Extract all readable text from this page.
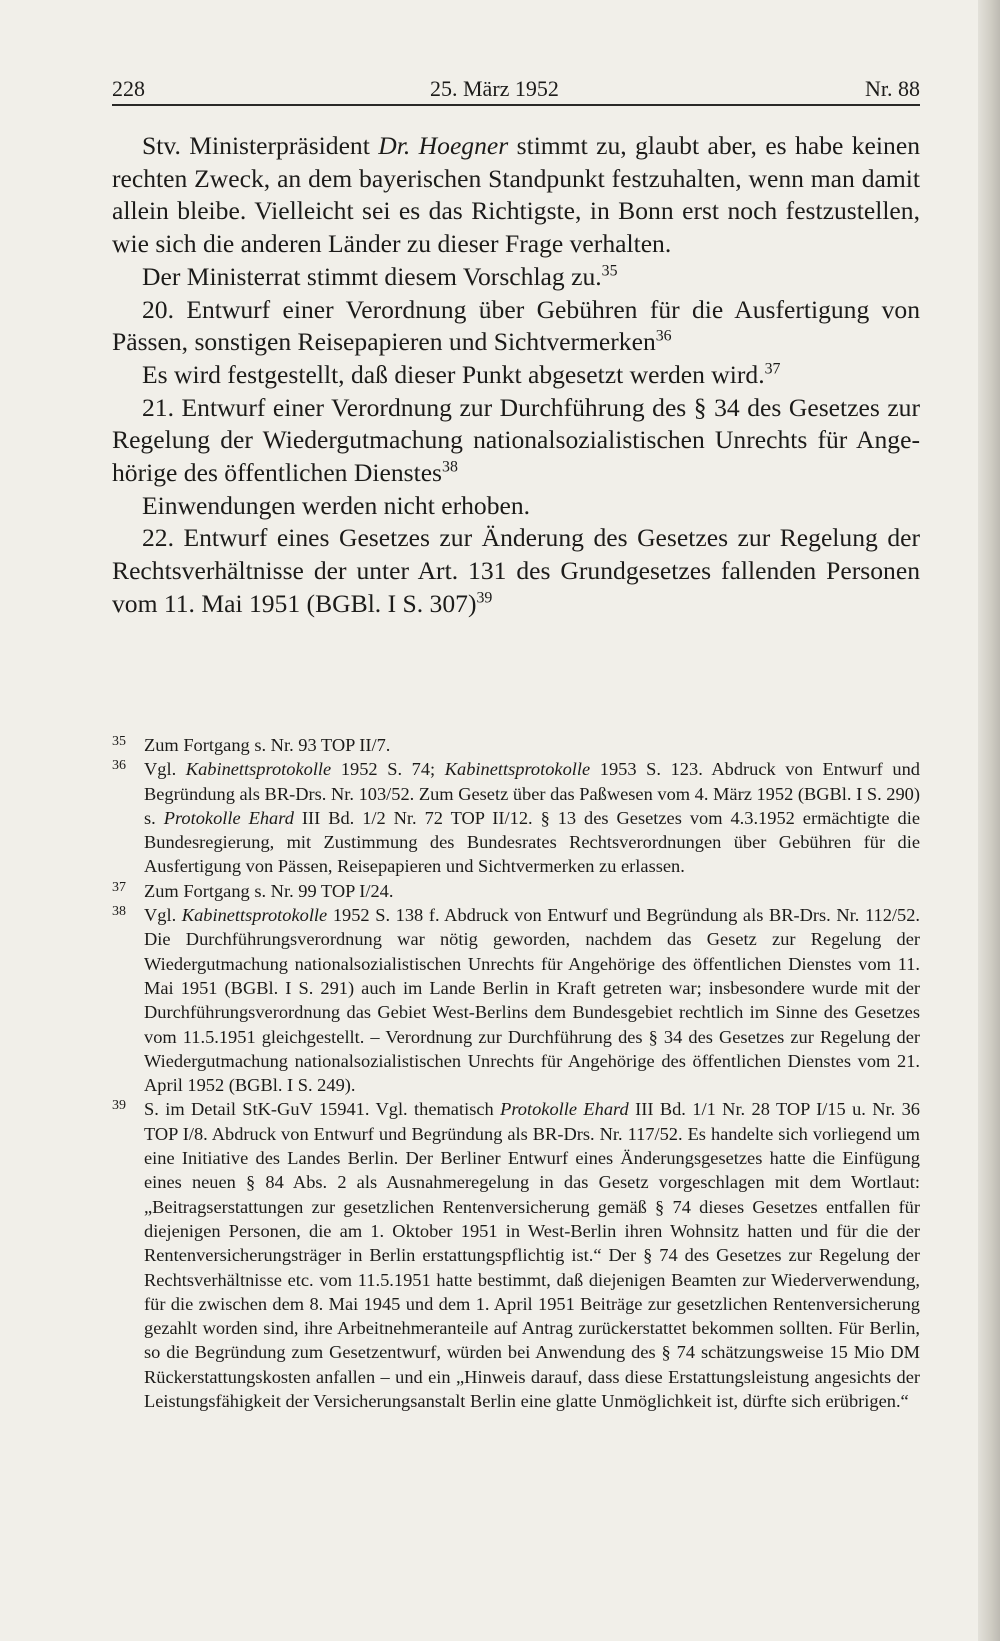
228	25. März 1952	Nr. 88

Stv. Ministerpräsident Dr. Hoegner stimmt zu, glaubt aber, es habe keinen rechten Zweck, an dem bayerischen Standpunkt festzuhalten, wenn man damit allein bleibe. Vielleicht sei es das Richtigste, in Bonn erst noch festzustellen, wie sich die anderen Länder zu dieser Frage verhalten.

Der Ministerrat stimmt diesem Vorschlag zu.$^{35}$

20. Entwurf einer Verordnung über Gebühren für die Ausfertigung von Pässen, sonstigen Reisepapieren und Sichtvermerken$^{36}$

Es wird festgestellt, daß dieser Punkt abgesetzt werden wird.$^{37}$

21. Entwurf einer Verordnung zur Durchführung des § 34 des Gesetzes zur Regelung der Wiedergutmachung nationalsozialistischen Unrechts für Angehörige des öffentlichen Dienstes$^{38}$

Einwendungen werden nicht erhoben.

22. Entwurf eines Gesetzes zur Änderung des Gesetzes zur Regelung der Rechtsverhältnisse der unter Art. 131 des Grundgesetzes fallenden Personen vom 11. Mai 1951 (BGBl. I S. 307)$^{39}$

35 Zum Fortgang s. Nr. 93 TOP II/7.
36 Vgl. Kabinettsprotokolle 1952 S. 74; Kabinettsprotokolle 1953 S. 123. Abdruck von Entwurf und Begründung als BR-Drs. Nr. 103/52. Zum Gesetz über das Paßwesen vom 4. März 1952 (BGBl. I S. 290) s. Protokolle Ehard III Bd. 1/2 Nr. 72 TOP II/12. § 13 des Gesetzes vom 4.3.1952 ermächtigte die Bundesregierung, mit Zustimmung des Bundesrates Rechtsverordnungen über Gebühren für die Ausfertigung von Pässen, Reisepapieren und Sichtvermerken zu erlassen.
37 Zum Fortgang s. Nr. 99 TOP I/24.
38 Vgl. Kabinettsprotokolle 1952 S. 138 f. Abdruck von Entwurf und Begründung als BR-Drs. Nr. 112/52. Die Durchführungsverordnung war nötig geworden, nachdem das Gesetz zur Regelung der Wiedergutmachung nationalsozialistischen Unrechts für Angehörige des öffentlichen Dienstes vom 11. Mai 1951 (BGBl. I S. 291) auch im Lande Berlin in Kraft getreten war; insbesondere wurde mit der Durchführungsverordnung das Gebiet West-Berlins dem Bundesgebiet rechtlich im Sinne des Gesetzes vom 11.5.1951 gleichgestellt. – Verordnung zur Durchführung des § 34 des Gesetzes zur Regelung der Wiedergutmachung nationalsozialistischen Unrechts für Angehörige des öffentlichen Dienstes vom 21. April 1952 (BGBl. I S. 249).
39 S. im Detail StK-GuV 15941. Vgl. thematisch Protokolle Ehard III Bd. 1/1 Nr. 28 TOP I/15 u. Nr. 36 TOP I/8. Abdruck von Entwurf und Begründung als BR-Drs. Nr. 117/52. Es handelte sich vorliegend um eine Initiative des Landes Berlin. Der Berliner Entwurf eines Änderungsgesetzes hatte die Einfügung eines neuen § 84 Abs. 2 als Ausnahmeregelung in das Gesetz vorgeschlagen mit dem Wortlaut: „Beitragserstattungen zur gesetzlichen Rentenversicherung gemäß § 74 dieses Gesetzes entfallen für diejenigen Personen, die am 1. Oktober 1951 in West-Berlin ihren Wohnsitz hatten und für die der Rentenversicherungsträger in Berlin erstattungspflichtig ist.“ Der § 74 des Gesetzes zur Regelung der Rechtsverhältnisse etc. vom 11.5.1951 hatte bestimmt, daß diejenigen Beamten zur Wiederverwendung, für die zwischen dem 8. Mai 1945 und dem 1. April 1951 Beiträge zur gesetzlichen Rentenversicherung gezahlt worden sind, ihre Arbeitnehmeranteile auf Antrag zurückerstattet bekommen sollten. Für Berlin, so die Begründung zum Gesetzentwurf, würden bei Anwendung des § 74 schätzungsweise 15 Mio DM Rückerstattungskosten anfallen – und ein „Hinweis darauf, dass diese Erstattungsleistung angesichts der Leistungsfähigkeit der Versicherungsanstalt Berlin eine glatte Unmöglichkeit ist, dürfte sich erübrigen.“
